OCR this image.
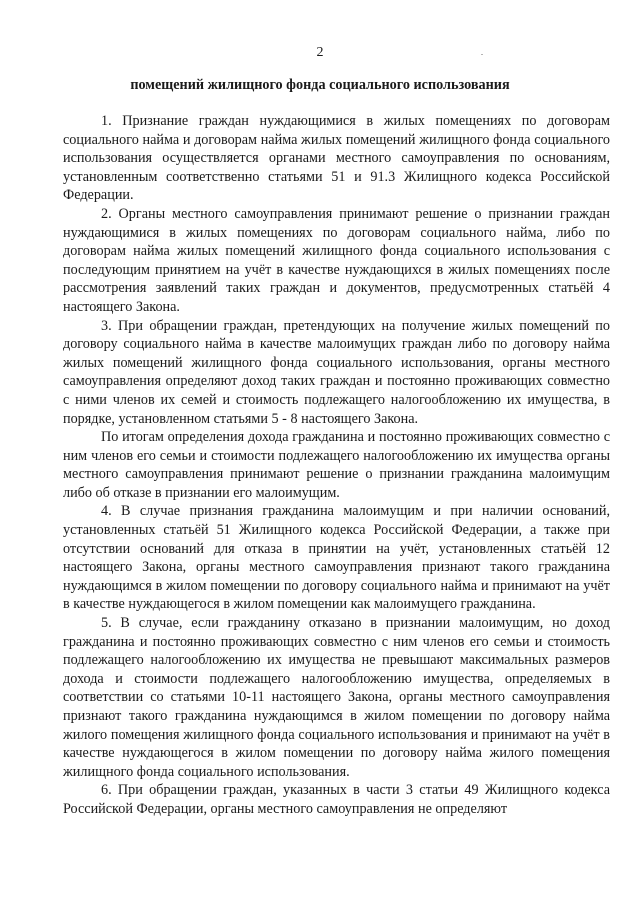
2
помещений жилищного фонда социального использования

1. Признание граждан нуждающимися в жилых помещениях по договорам социального найма и договорам найма жилых помещений жилищного фонда социального использования осуществляется органами местного самоуправления по основаниям, установленным соответственно статьями 51 и 91.3 Жилищного кодекса Российской Федерации.

2. Органы местного самоуправления принимают решение о признании граждан нуждающимися в жилых помещениях по договорам социального найма, либо по договорам найма жилых помещений жилищного фонда социального использования с последующим принятием на учёт в качестве нуждающихся в жилых помещениях после рассмотрения заявлений таких граждан и документов, предусмотренных статьёй 4 настоящего Закона.

3. При обращении граждан, претендующих на получение жилых помещений по договору социального найма в качестве малоимущих граждан либо по договору найма жилых помещений жилищного фонда социального использования, органы местного самоуправления определяют доход таких граждан и постоянно проживающих совместно с ними членов их семей и стоимость подлежащего налогообложению их имущества, в порядке, установленном статьями 5 - 8 настоящего Закона.

По итогам определения дохода гражданина и постоянно проживающих совместно с ним членов его семьи и стоимости подлежащего налогообложению их имущества органы местного самоуправления принимают решение о признании гражданина малоимущим либо об отказе в признании его малоимущим.

4. В случае признания гражданина малоимущим и при наличии оснований, установленных статьёй 51 Жилищного кодекса Российской Федерации, а также при отсутствии оснований для отказа в принятии на учёт, установленных статьёй 12 настоящего Закона, органы местного самоуправления признают такого гражданина нуждающимся в жилом помещении по договору социального найма и принимают на учёт в качестве нуждающегося в жилом помещении как малоимущего гражданина.

5. В случае, если гражданину отказано в признании малоимущим, но доход гражданина и постоянно проживающих совместно с ним членов его семьи и стоимость подлежащего налогообложению их имущества не превышают максимальных размеров дохода и стоимости подлежащего налогообложению имущества, определяемых в соответствии со статьями 10-11 настоящего Закона, органы местного самоуправления признают такого гражданина нуждающимся в жилом помещении по договору найма жилого помещения жилищного фонда социального использования и принимают на учёт в качестве нуждающегося в жилом помещении по договору найма жилого помещения жилищного фонда социального использования.

6. При обращении граждан, указанных в части 3 статьи 49 Жилищного кодекса Российской Федерации, органы местного самоуправления не определяют
